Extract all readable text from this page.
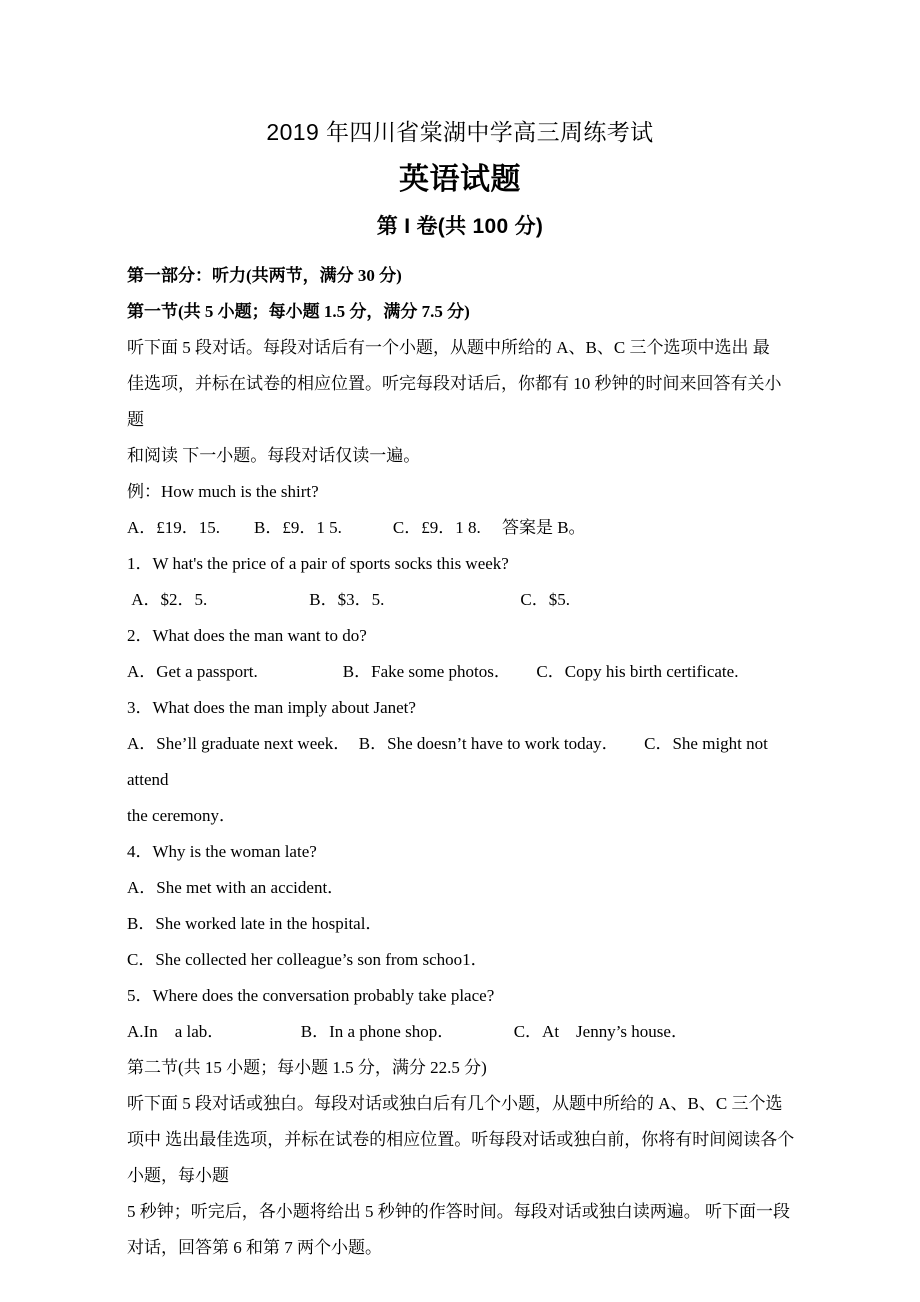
2019 年四川省棠湖中学高三周练考试
英语试题
第 I 卷(共 100 分)

第一部分：听力(共两节，满分 30 分)

第一节(共 5 小题；每小题 1.5 分，满分 7.5 分)

听下面 5 段对话。每段对话后有一个小题，从题中所给的 A、B、C 三个选项中选出 最

佳选项，并标在试卷的相应位置。听完每段对话后，你都有 10 秒钟的时间来回答有关小题

和阅读 下一小题。每段对话仅读一遍。

例：How much is the shirt?

A．£19．15.　　B．£9．1 5.　　　C．£9．1 8.　 答案是 B。

1．W hat's the price of a pair of sports socks this week?

A．$2．5.　　　　　　B．$3．5.　　　　　　　　C．$5.

2．What does the man want to do?

A．Get a passport.　　　　　B．Fake some photos．　　C．Copy his birth certificate.

3．What does the man imply about Janet?

A．She’ll graduate next week．　B．She doesn’t have to work today．　　C．She might not attend

the ceremony．

4．Why is the woman late?

A．She met with an accident．

B．She worked late in the hospital．

C．She collected her colleague’s son from schoo1．

5．Where does the conversation probably take place?

A.In　a lab．　　　　　B．In a phone shop．　　　　C．At　Jenny’s house．

第二节(共 15 小题；每小题 1.5 分，满分 22.5 分)

听下面 5 段对话或独白。每段对话或独白后有几个小题，从题中所给的 A、B、C 三个选

项中 选出最佳选项，并标在试卷的相应位置。听每段对话或独白前，你将有时间阅读各个

小题，每小题

5 秒钟；听完后，各小题将给出 5 秒钟的作答时间。每段对话或独白读两遍。 听下面一段

对话，回答第 6 和第 7 两个小题。
